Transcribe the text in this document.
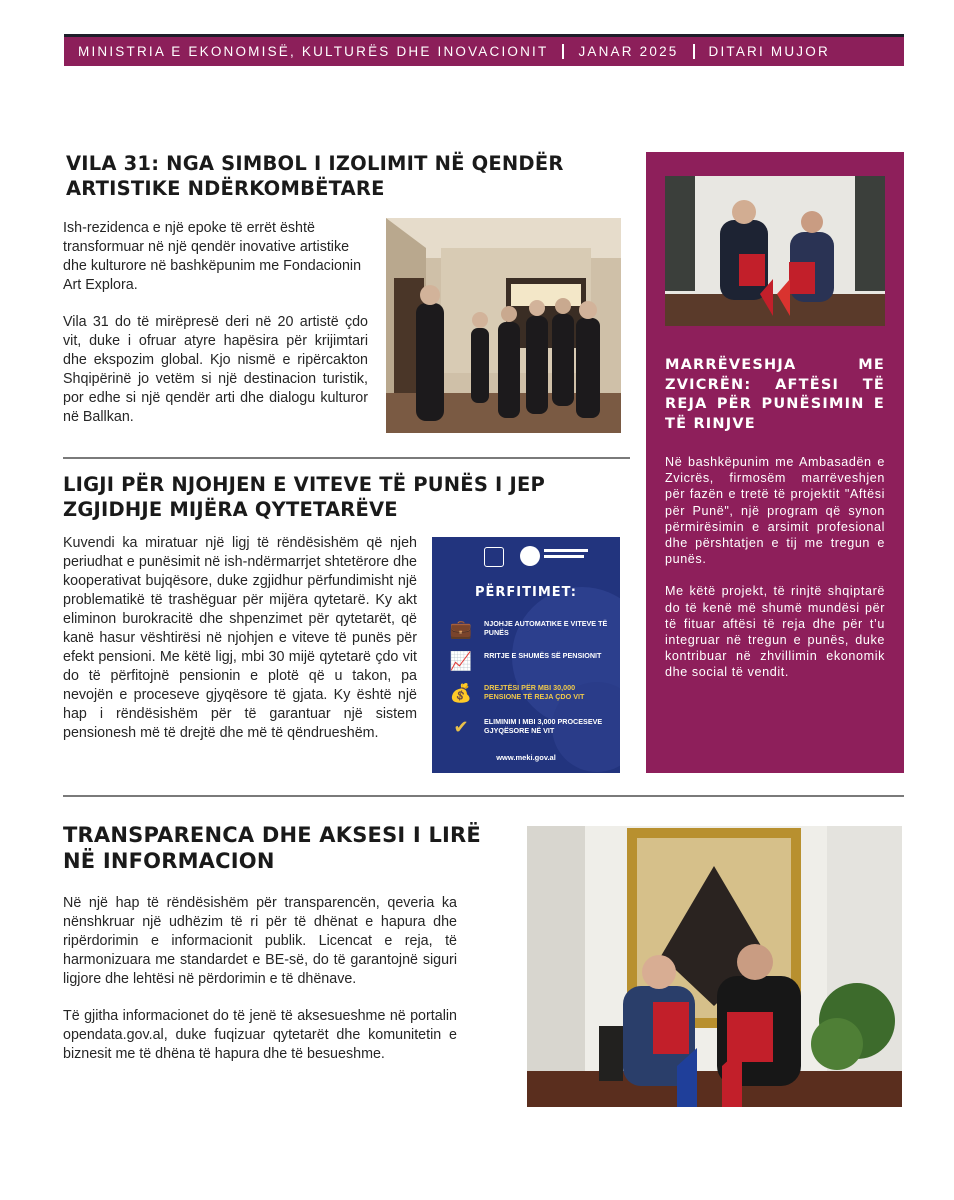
MINISTRIA E EKONOMISË, KULTURËS DHE INOVACIONIT JANAR 2025 DITARI MUJOR
VILA 31: NGA SIMBOL I IZOLIMIT NË QENDËR
ARTISTIKE NDËRKOMBËTARE

Ish-rezidenca e një epoke të errët është transformuar në një qendër inovative artistike dhe kulturore në bashkëpunim me Fondacionin Art Explora.

Vila 31 do të mirëpresë deri në 20 artistë çdo vit, duke i ofruar atyre hapësira për krijimtari dhe ekspozim global. Kjo nismë e ripërcakton Shqipërinë jo vetëm si një destinacion turistik, por edhe si një qendër arti dhe dialogu kulturor në Ballkan.

LIGJI PËR NJOHJEN E VITEVE TË PUNËS I JEP
ZGJIDHJE MIJËRA QYTETARËVE

Kuvendi ka miratuar një ligj të rëndësishëm që njeh periudhat e punësimit në ish-ndërmarrjet shtetërore dhe kooperativat bujqësore, duke zgjidhur përfundimisht një problematikë të trashëguar për mijëra qytetarë. Ky akt eliminon burokracitë dhe shpenzimet për qytetarët, që kanë hasur vështirësi në njohjen e viteve të punës për efekt pensioni. Me këtë ligj, mbi 30 mijë qytetarë çdo vit do të përfitojnë pensionin e plotë që u takon, pa nevojën e proceseve gjyqësore të gjata. Ky është një hap i rëndësishëm për të garantuar një sistem pensionesh më të drejtë dhe më të qëndrueshëm.

PËRFITIMET:
💼 NJOHJE AUTOMATIKE E VITEVE TË PUNËS
📈 RRITJE E SHUMËS SË PENSIONIT
💰 DREJTËSI PËR MBI 30,000 PENSIONE TË REJA ÇDO VIT
✔	ELIMINIM I MBI 3,000 PROCESEVE GJYQËSORE NË VIT
www.meki.gov.al
MARRËVESHJA ME ZVICRËN: AFTËSI TË REJA PËR PUNËSIMIN E TË RINJVE

Në bashkëpunim me Ambasadën e Zvicrës, firmosëm marrëveshjen për fazën e tretë të projektit "Aftësi për Punë", një program që synon përmirësimin e arsimit profesional dhe përshtatjen e tij me tregun e punës.

Me këtë projekt, të rinjtë shqiptarë do të kenë më shumë mundësi për të fituar aftësi të reja dhe për t’u integruar në tregun e punës, duke kontribuar në zhvillimin ekonomik dhe social të vendit.

TRANSPARENCA DHE AKSESI I LIRË
NË INFORMACION

Në një hap të rëndësishëm për transparencën, qeveria ka nënshkruar një udhëzim të ri për të dhënat e hapura dhe ripërdorimin e informacionit publik. Licencat e reja, të harmonizuara me standardet e BE-së, do të garantojnë siguri ligjore dhe lehtësi në përdorimin e të dhënave.

Të gjitha informacionet do të jenë të aksesueshme në portalin opendata.gov.al, duke fuqizuar qytetarët dhe komunitetin e biznesit me të dhëna të hapura dhe të besueshme.
